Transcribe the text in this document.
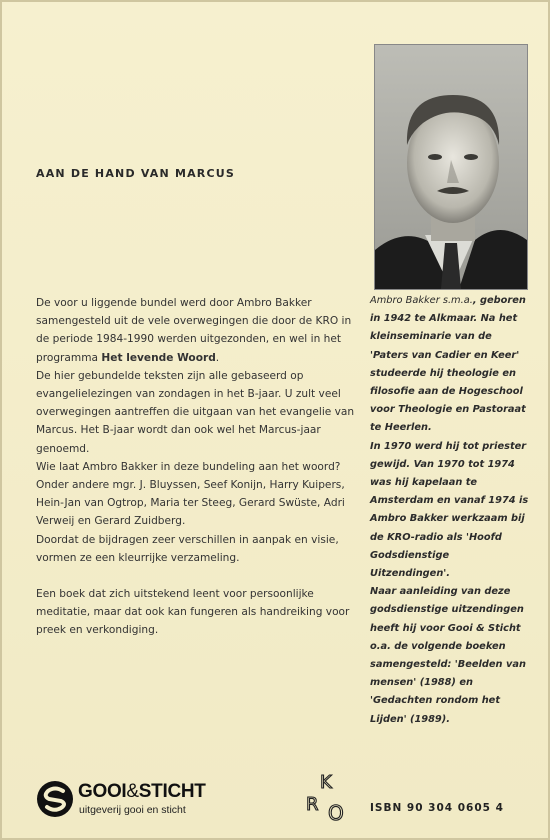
AAN DE HAND VAN MARCUS

De voor u liggende bundel werd door Ambro Bakker samengesteld uit de vele overwegingen die door de KRO in de periode 1984-1990 werden uitgezonden, en wel in het programma Het levende Woord.

De hier gebundelde teksten zijn alle gebaseerd op evangelielezingen van zondagen in het B-jaar. U zult veel overwegingen aantreffen die uitgaan van het evangelie van Marcus. Het B-jaar wordt dan ook wel het Marcus-jaar genoemd.

Wie laat Ambro Bakker in deze bundeling aan het woord? Onder andere mgr. J. Bluyssen, Seef Konijn, Harry Kuipers, Hein-Jan van Ogtrop, Maria ter Steeg, Gerard Swüste, Adri Verweij en Gerard Zuidberg.

Doordat de bijdragen zeer verschillen in aanpak en visie, vormen ze een kleurrijke verzameling.

Een boek dat zich uitstekend leent voor persoonlijke meditatie, maar dat ook kan fungeren als handreiking voor preek en verkondiging.

Ambro Bakker s.m.a., geboren in 1942 te Alkmaar. Na het kleinseminarie van de 'Paters van Cadier en Keer' studeerde hij theologie en filosofie aan de Hogeschool voor Theologie en Pastoraat te Heerlen.

In 1970 werd hij tot priester gewijd. Van 1970 tot 1974 was hij kapelaan te Amsterdam en vanaf 1974 is Ambro Bakker werkzaam bij de KRO-radio als 'Hoofd Godsdienstige Uitzendingen'.

Naar aanleiding van deze godsdienstige uitzendingen heeft hij voor Gooi & Sticht o.a. de volgende boeken samengesteld: 'Beelden van mensen' (1988) en 'Gedachten rondom het Lijden' (1989).

GOOI&STICHT
uitgeverij gooi en sticht
K
R O	ISBN 90 304 0605 4
